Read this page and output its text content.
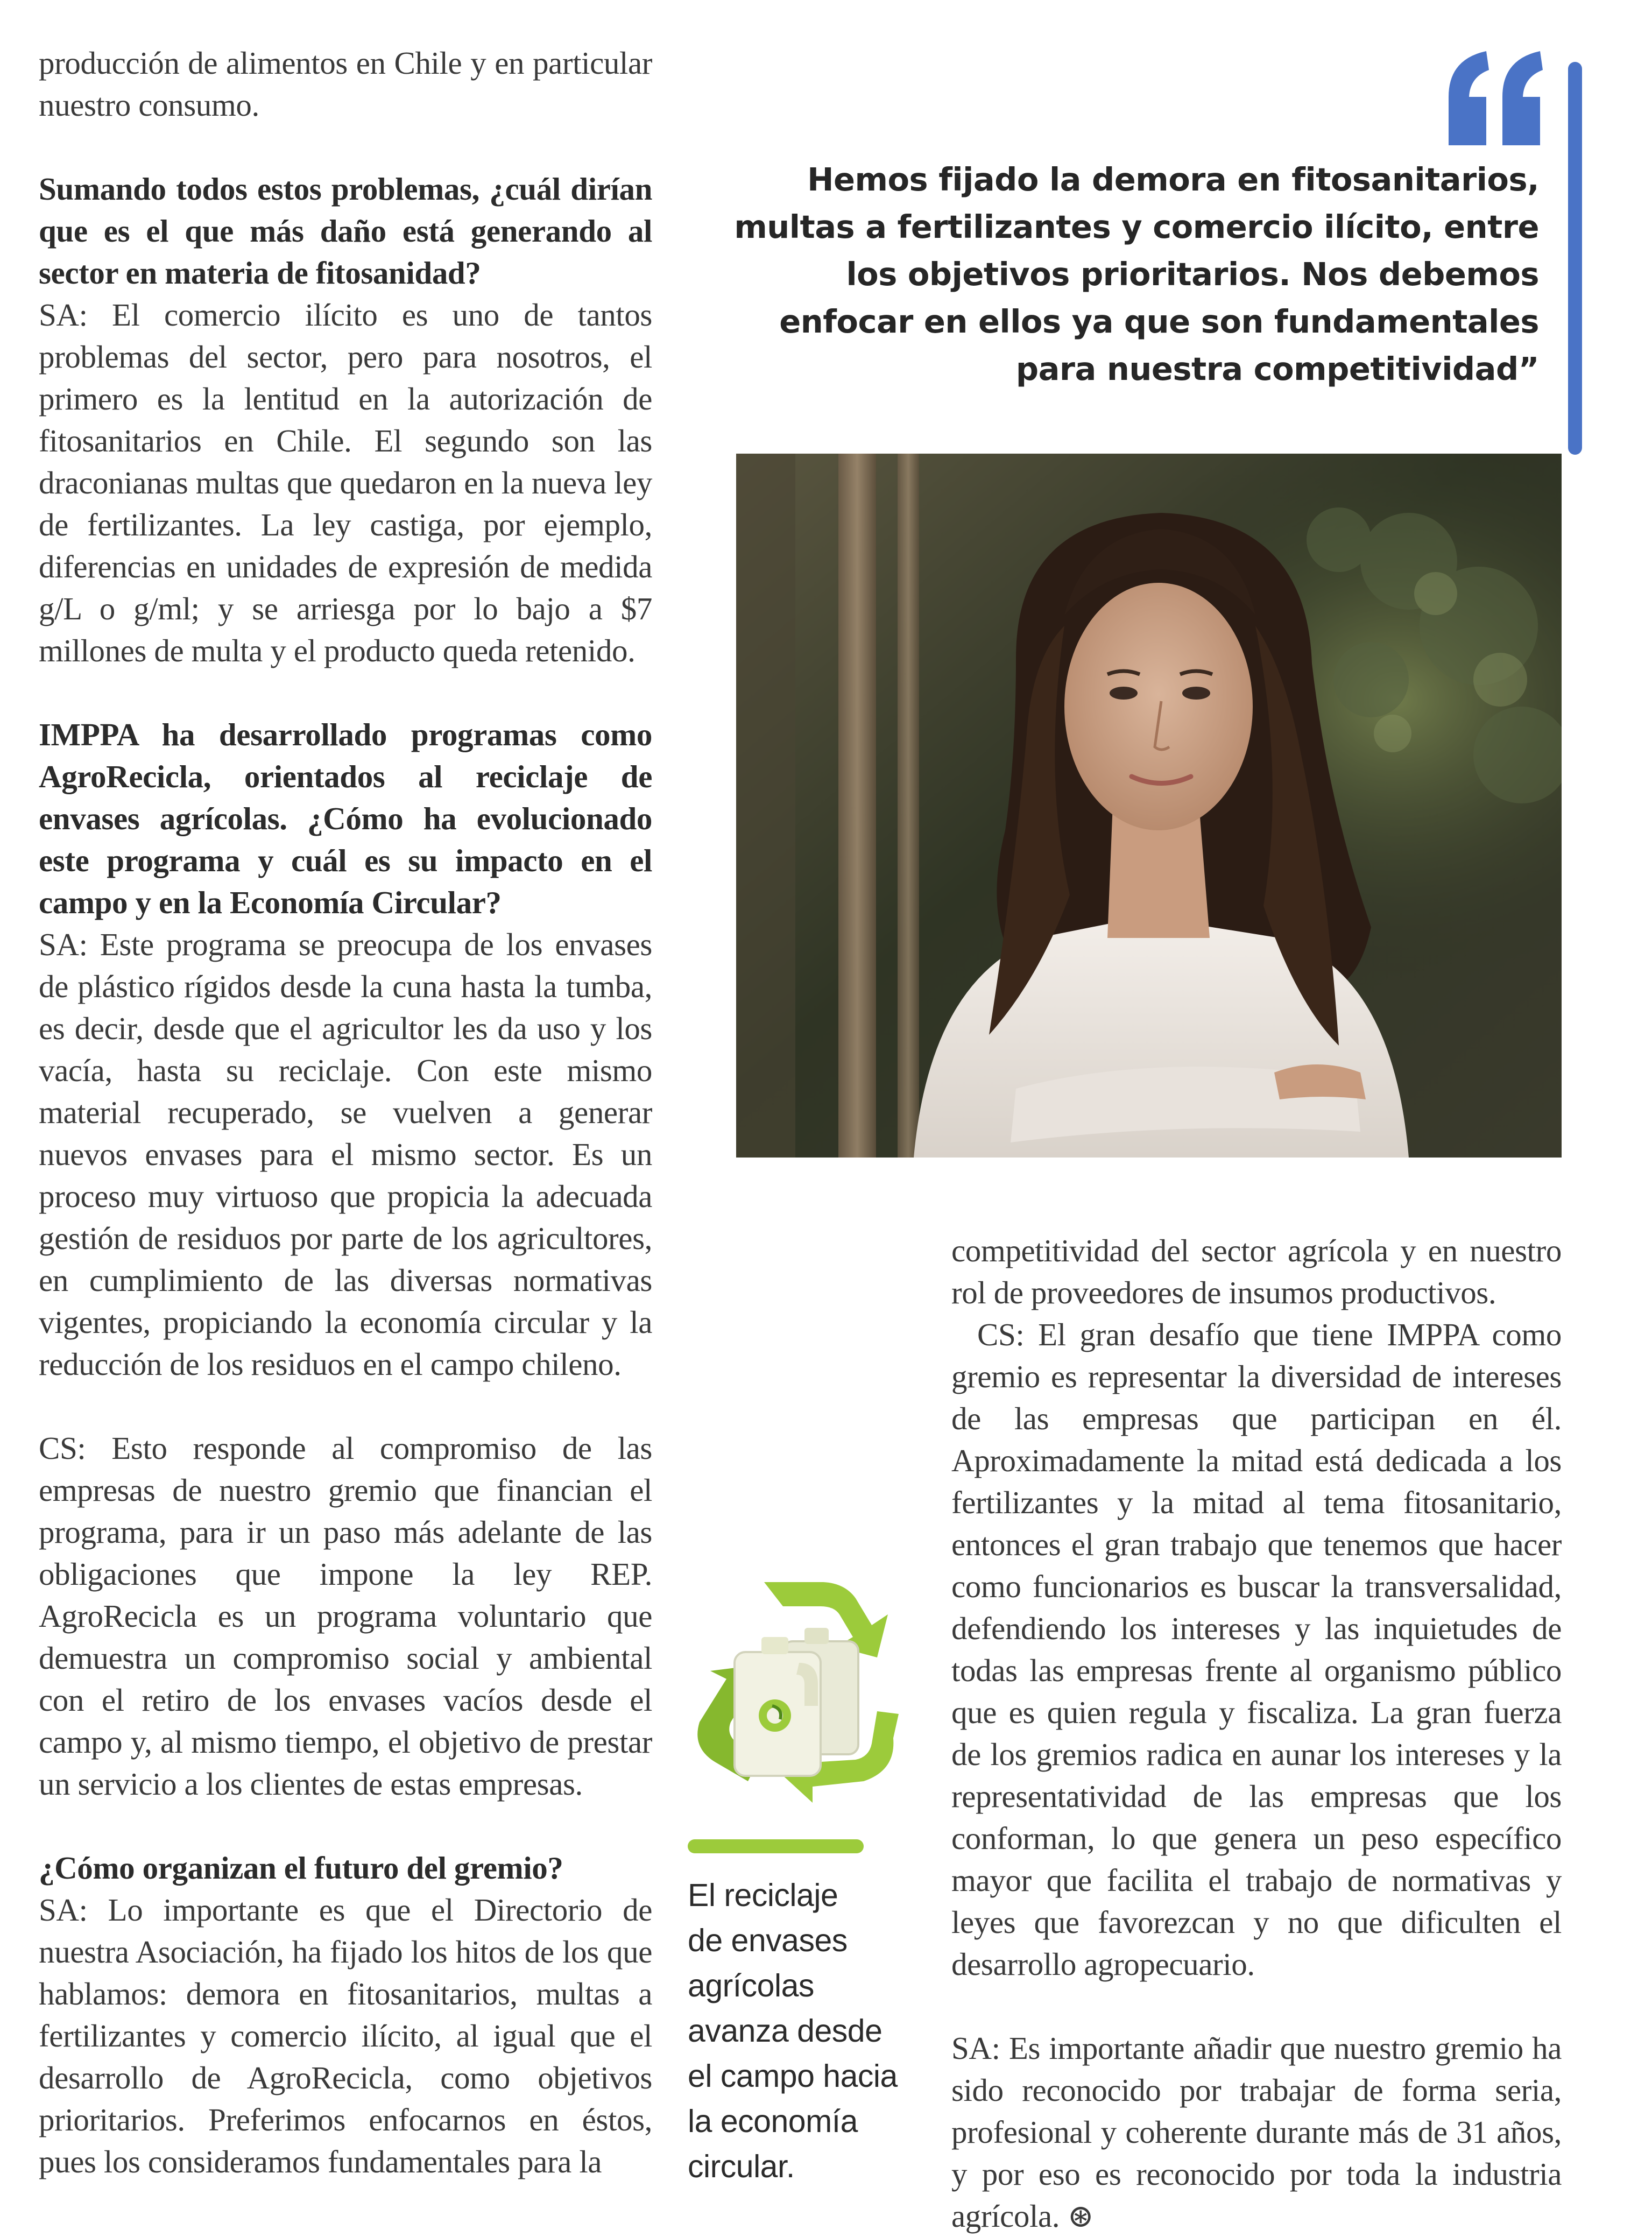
producción de alimentos en Chile y en particular nuestro consumo.

Sumando todos estos problemas, ¿cuál dirían que es el que más daño está generando al sector en materia de fitosanidad?

SA: El comercio ilícito es uno de tantos problemas del sector, pero para nosotros, el primero es la lentitud en la autorización de fitosanitarios en Chile. El segundo son las draconianas multas que quedaron en la nueva ley de fertilizantes. La ley castiga, por ejemplo, diferencias en unidades de expresión de medida g/L o g/ml; y se arriesga por lo bajo a $7 millones de multa y el producto queda retenido.

IMPPA ha desarrollado programas como AgroRecicla, orientados al reciclaje de envases agrícolas. ¿Cómo ha evolucionado este programa y cuál es su impacto en el campo y en la Economía Circular?

SA: Este programa se preocupa de los envases de plástico rígidos desde la cuna hasta la tumba, es decir, desde que el agricultor les da uso y los vacía, hasta su reciclaje. Con este mismo material recuperado, se vuelven a generar nuevos envases para el mismo sector. Es un proceso muy virtuoso que propicia la adecuada gestión de residuos por parte de los agricultores, en cumplimiento de las diversas normativas vigentes, propiciando la economía circular y la reducción de los residuos en el campo chileno.

CS: Esto responde al compromiso de las empresas de nuestro gremio que financian el programa, para ir un paso más adelante de las obligaciones que impone la ley REP. AgroRecicla es un programa voluntario que demuestra un compromiso social y ambiental con el retiro de los envases vacíos desde el campo y, al mismo tiempo, el objetivo de prestar un servicio a los clientes de estas empresas.

¿Cómo organizan el futuro del gremio?

SA: Lo importante es que el Directorio de nuestra Asociación, ha fijado los hitos de los que hablamos: demora en fitosanitarios, multas a fertilizantes y comercio ilícito, al igual que el desarrollo de AgroRecicla, como objetivos prioritarios. Preferimos enfocarnos en éstos, pues los consideramos fundamentales para la

Hemos fijado la demora en fitosanitarios, multas a fertilizantes y comercio ilícito, entre los objetivos prioritarios. Nos debemos enfocar en ellos ya que son fundamentales para nuestra competitividad”

competitividad del sector agrícola y en nuestro rol de proveedores de insumos productivos.

CS: El gran desafío que tiene IMPPA como gremio es representar la diversidad de intereses de las empresas que participan en él. Aproximadamente la mitad está dedicada a los fertilizantes y la mitad al tema fitosanitario, entonces el gran trabajo que tenemos que hacer como funcionarios es buscar la transversalidad, defendiendo los intereses y las inquietudes de todas las empresas frente al organismo público que es quien regula y fiscaliza. La gran fuerza de los gremios radica en aunar los intereses y la representatividad de las empresas que los conforman, lo que genera un peso específico mayor que facilita el trabajo de normativas y leyes que favorezcan y no que dificulten el desarrollo agropecuario.

SA: Es importante añadir que nuestro gremio ha sido reconocido por trabajar de forma seria, profesional y coherente durante más de 31 años, y por eso es reconocido por toda la industria agrícola. ⊛

El reciclaje
de envases
agrícolas
avanza desde
el campo hacia
la economía
circular.
